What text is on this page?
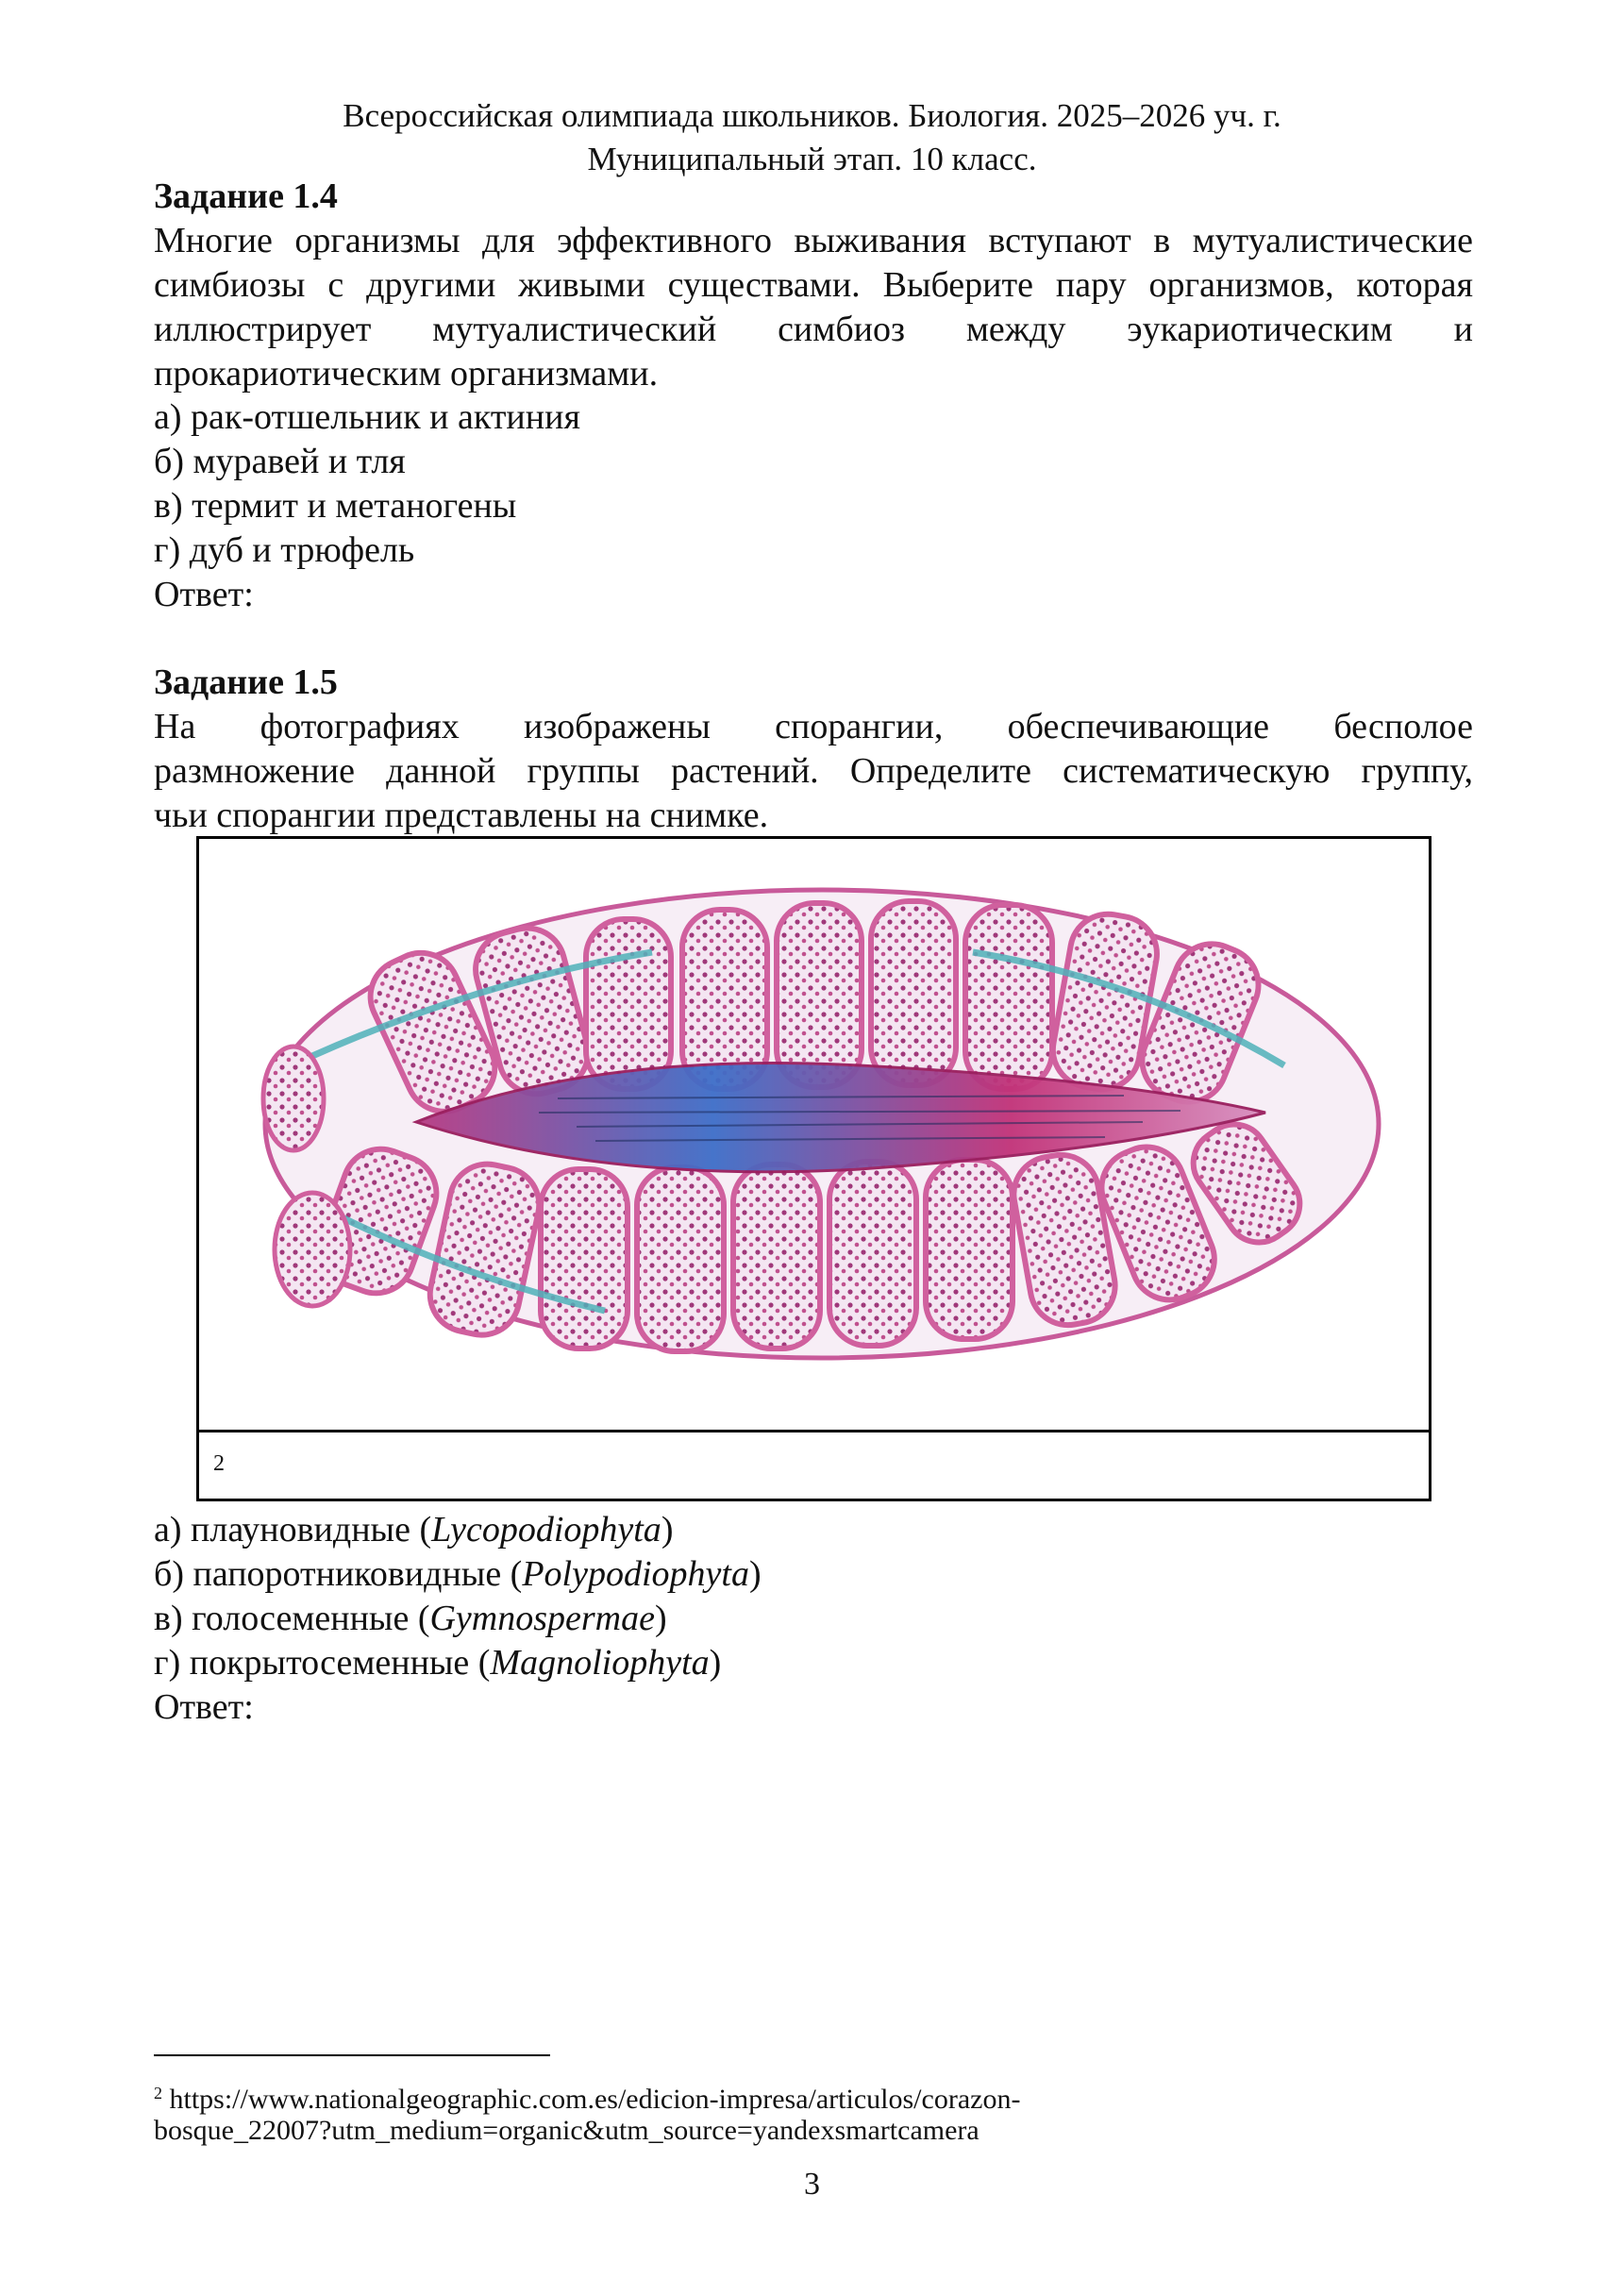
Всероссийская олимпиада школьников. Биология. 2025–2026 уч. г.
Муниципальный этап. 10 класс.
Задание 1.4
Многие организмы для эффективного выживания вступают в мутуалистические
симбиозы с другими живыми существами. Выберите пару организмов, которая
иллюстрирует мутуалистический симбиоз между эукариотическим и
прокариотическим организмами.
а) рак-отшельник и актиния
б) муравей и тля
в) термит и метаногены
г) дуб и трюфель
Ответ:
Задание 1.5
На фотографиях изображены спорангии, обеспечивающие бесполое
размножение данной группы растений. Определите систематическую группу,
чьи спорангии представлены на снимке.
2
а) плауновидные (Lycopodiophyta)
б) папоротниковидные (Polypodiophyta)
в) голосеменные (Gymnospermae)
г) покрытосеменные (Magnoliophyta)
Ответ:
$^2$ https://www.nationalgeographic.com.es/edicion-impresa/articulos/corazon-
bosque_22007?utm_medium=organic&utm_source=yandexsmartcamera
3
